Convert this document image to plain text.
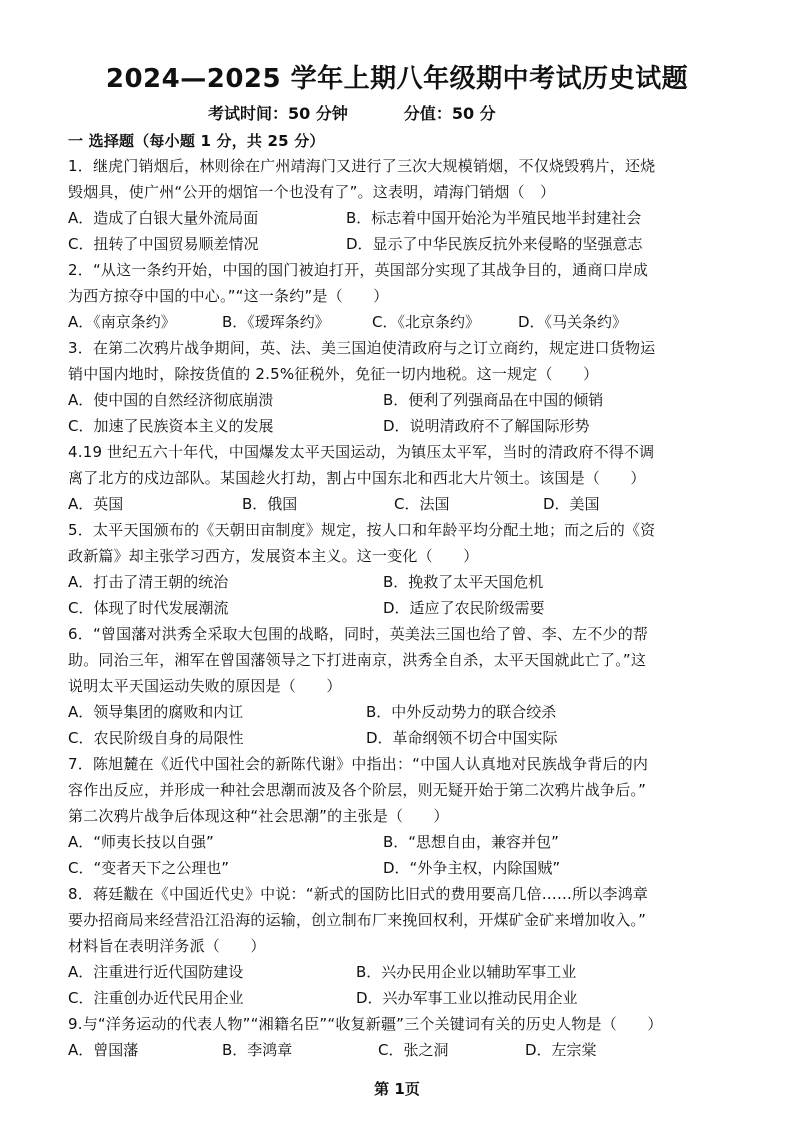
2024—2025 学年上期八年级期中考试历史试题
考试时间：50 分钟	分值：50 分
一 选择题（每小题 1 分，共 25 分）
1．继虎门销烟后，林则徐在广州靖海门又进行了三次大规模销烟，不仅烧毁鸦片，还烧
毁烟具，使广州“公开的烟馆一个也没有了”。这表明，靖海门销烟（　）
A．造成了白银大量外流局面	B．标志着中国开始沦为半殖民地半封建社会
C．扭转了中国贸易顺差情况	D．显示了中华民族反抗外来侵略的坚强意志
2．“从这一条约开始，中国的国门被迫打开，英国部分实现了其战争目的，通商口岸成
为西方掠夺中国的中心。”“这一条约”是（　　）
A．《南京条约》	B．《瑷珲条约》	C．《北京条约》	D．《马关条约》
3．在第二次鸦片战争期间，英、法、美三国迫使清政府与之订立商约，规定进口货物运
销中国内地时，除按货值的 2.5%征税外，免征一切内地税。这一规定（　　）
A．使中国的自然经济彻底崩溃	B．便利了列强商品在中国的倾销
C．加速了民族资本主义的发展	D．说明清政府不了解国际形势
4.19 世纪五六十年代，中国爆发太平天国运动，为镇压太平军，当时的清政府不得不调
离了北方的戍边部队。某国趁火打劫，割占中国东北和西北大片领土。该国是（　　）
A．英国	B．俄国	C．法国	D．美国
5．太平天国颁布的《天朝田亩制度》规定，按人口和年龄平均分配土地；而之后的《资
政新篇》却主张学习西方，发展资本主义。这一变化（　　）
A．打击了清王朝的统治	B．挽救了太平天国危机
C．体现了时代发展潮流	D．适应了农民阶级需要
6．“曾国藩对洪秀全采取大包围的战略，同时，英美法三国也给了曾、李、左不少的帮
助。同治三年，湘军在曾国藩领导之下打进南京，洪秀全自杀，太平天国就此亡了。”这
说明太平天国运动失败的原因是（　　）
A．领导集团的腐败和内讧	B．中外反动势力的联合绞杀
C．农民阶级自身的局限性	D．革命纲领不切合中国实际
7．陈旭麓在《近代中国社会的新陈代谢》中指出：“中国人认真地对民族战争背后的内
容作出反应，并形成一种社会思潮而波及各个阶层，则无疑开始于第二次鸦片战争后。”
第二次鸦片战争后体现这种“社会思潮”的主张是（　　）
A．“师夷长技以自强”	B．“思想自由，兼容并包”
C．“变者天下之公理也”	D．“外争主权，内除国贼”
8．蒋廷黻在《中国近代史》中说：“新式的国防比旧式的费用要高几倍……所以李鸿章
要办招商局来经营沿江沿海的运输，创立制布厂来挽回权利，开煤矿金矿来增加收入。”
材料旨在表明洋务派（　　）
A．注重进行近代国防建设	B．兴办民用企业以辅助军事工业
C．注重创办近代民用企业	D．兴办军事工业以推动民用企业
9.与“洋务运动的代表人物”“湘籍名臣”“收复新疆”三个关键词有关的历史人物是（　　）
A．曾国藩	B．李鸿章	C．张之洞	D．左宗棠
第 1页
